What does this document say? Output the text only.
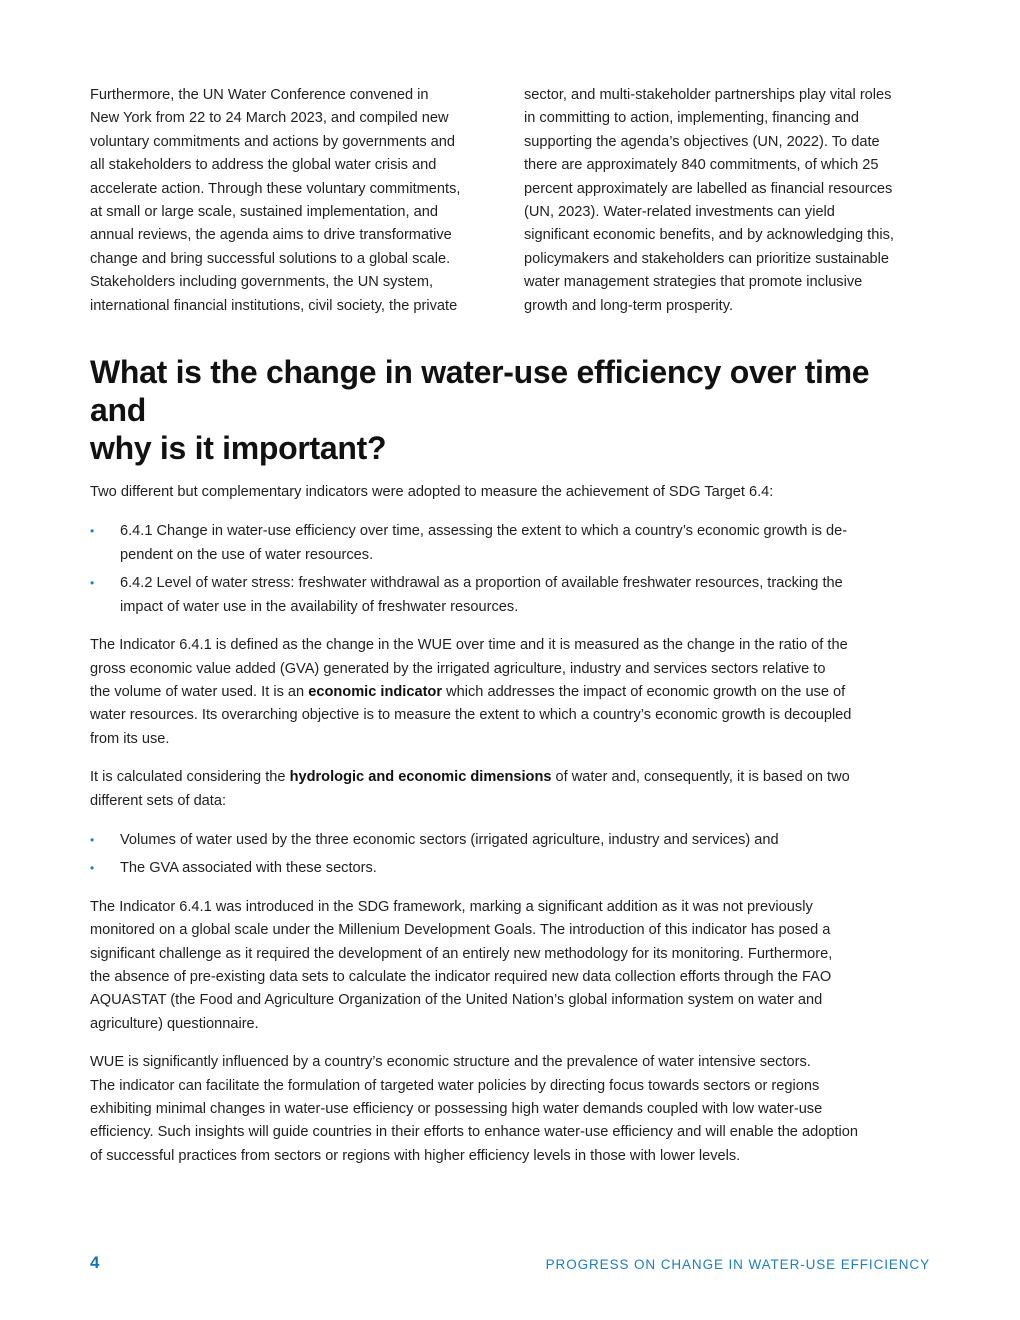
Furthermore, the UN Water Conference convened in
New York from 22 to 24 March 2023, and compiled new
voluntary commitments and actions by governments and
all stakeholders to address the global water crisis and
accelerate action. Through these voluntary commitments,
at small or large scale, sustained implementation, and
annual reviews, the agenda aims to drive transformative
change and bring successful solutions to a global scale.
Stakeholders including governments, the UN system,
international financial institutions, civil society, the private

sector, and multi-stakeholder partnerships play vital roles
in committing to action, implementing, financing and
supporting the agenda’s objectives (UN, 2022). To date
there are approximately 840 commitments, of which 25
percent approximately are labelled as financial resources
(UN, 2023). Water-related investments can yield
significant economic benefits, and by acknowledging this,
policymakers and stakeholders can prioritize sustainable
water management strategies that promote inclusive
growth and long-term prosperity.

What is the change in water-use efficiency over time and
why is it important?

Two different but complementary indicators were adopted to measure the achievement of SDG Target 6.4:

• 6.4.1 Change in water-use efficiency over time, assessing the extent to which a country’s economic growth is de-
pendent on the use of water resources.
• 6.4.2 Level of water stress: freshwater withdrawal as a proportion of available freshwater resources, tracking the
impact of water use in the availability of freshwater resources.

The Indicator 6.4.1 is defined as the change in the WUE over time and it is measured as the change in the ratio of the
gross economic value added (GVA) generated by the irrigated agriculture, industry and services sectors relative to
the volume of water used. It is an economic indicator which addresses the impact of economic growth on the use of
water resources. Its overarching objective is to measure the extent to which a country’s economic growth is decoupled
from its use.

It is calculated considering the hydrologic and economic dimensions of water and, consequently, it is based on two
different sets of data:

• Volumes of water used by the three economic sectors (irrigated agriculture, industry and services) and
• The GVA associated with these sectors.

The Indicator 6.4.1 was introduced in the SDG framework, marking a significant addition as it was not previously
monitored on a global scale under the Millenium Development Goals. The introduction of this indicator has posed a
significant challenge as it required the development of an entirely new methodology for its monitoring. Furthermore,
the absence of pre-existing data sets to calculate the indicator required new data collection efforts through the FAO
AQUASTAT (the Food and Agriculture Organization of the United Nation’s global information system on water and
agriculture) questionnaire.

WUE is significantly influenced by a country’s economic structure and the prevalence of water intensive sectors.
The indicator can facilitate the formulation of targeted water policies by directing focus towards sectors or regions
exhibiting minimal changes in water-use efficiency or possessing high water demands coupled with low water-use
efficiency. Such insights will guide countries in their efforts to enhance water-use efficiency and will enable the adoption
of successful practices from sectors or regions with higher efficiency levels in those with lower levels.

4	PROGRESS ON CHANGE IN WATER-USE EFFICIENCY
